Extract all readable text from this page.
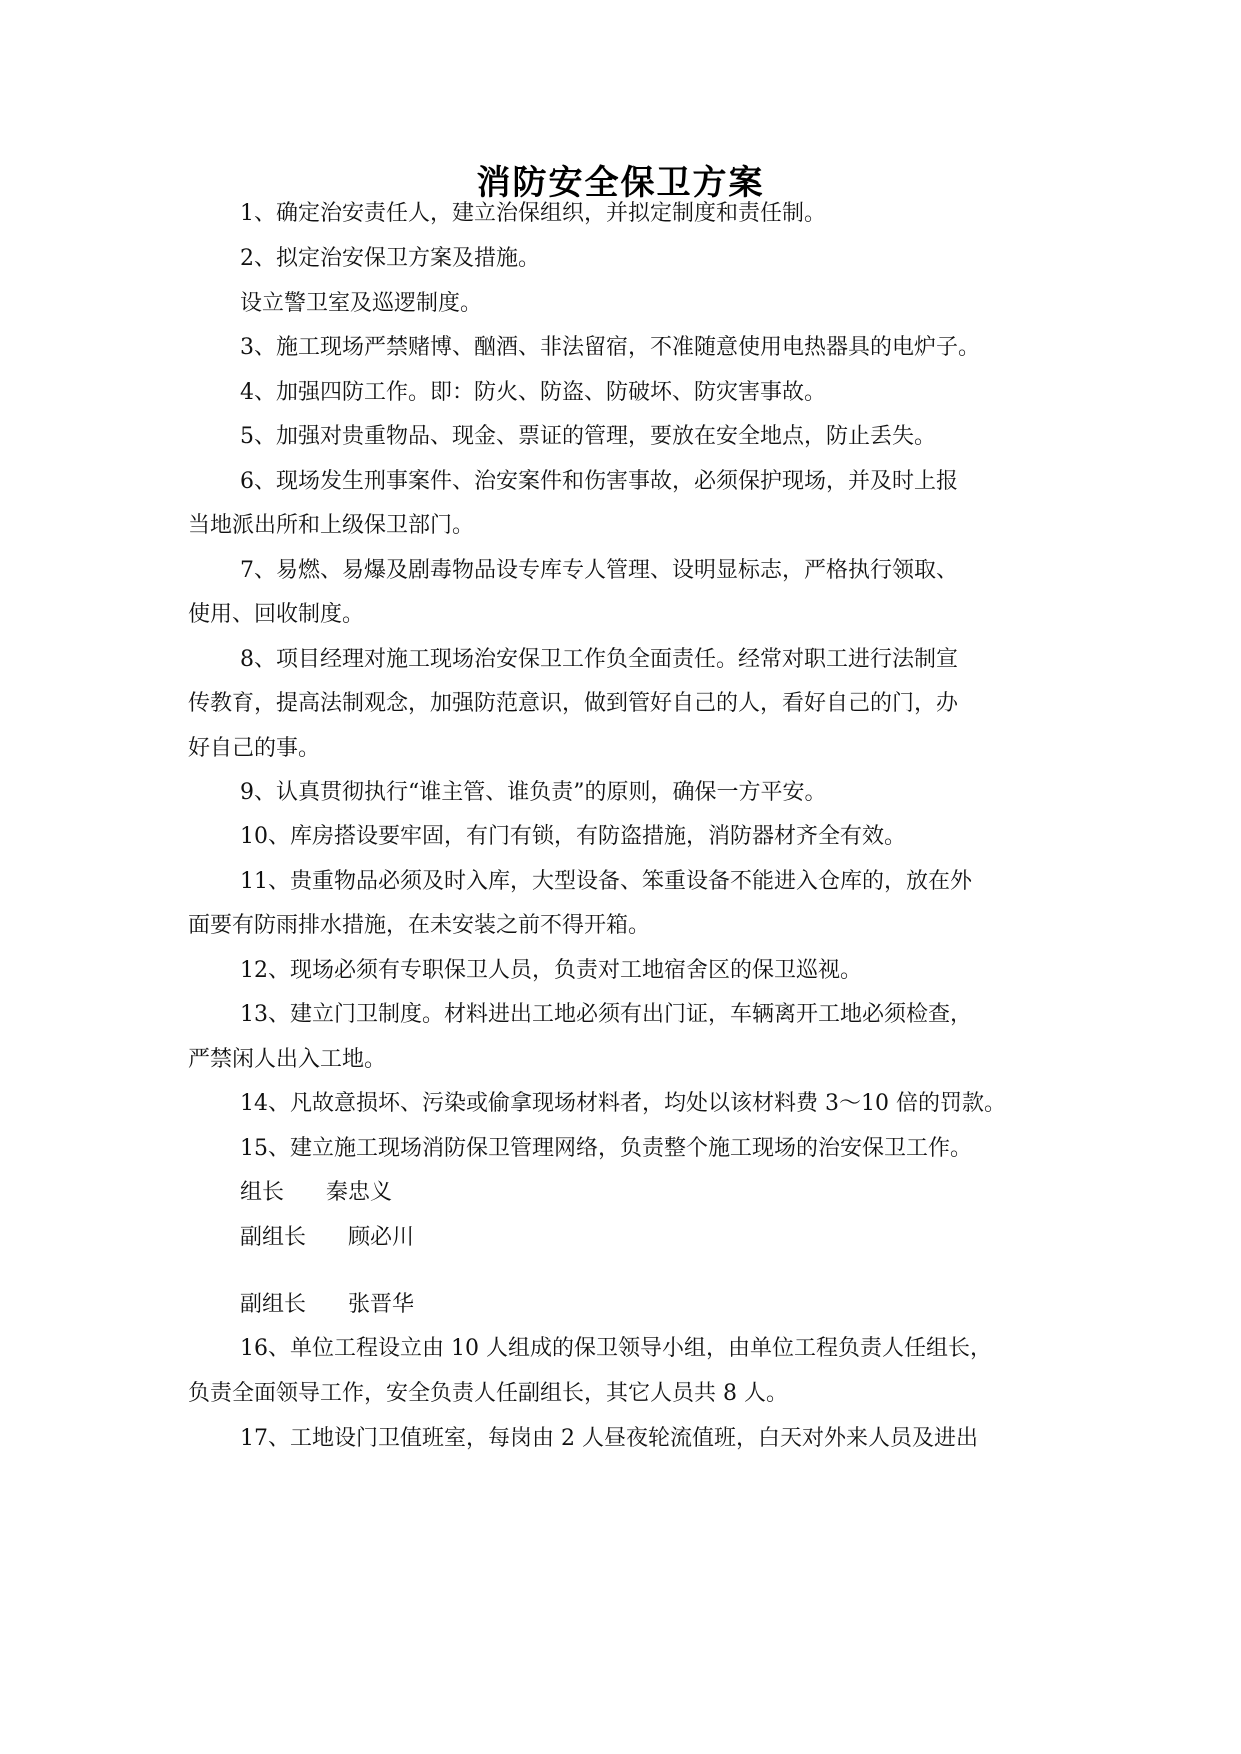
消防安全保卫方案
1、确定治安责任人，建立治保组织，并拟定制度和责任制。
2、拟定治安保卫方案及措施。
设立警卫室及巡逻制度。
3、施工现场严禁赌博、酗酒、非法留宿，不准随意使用电热器具的电炉子。
4、加强四防工作。即：防火、防盗、防破坏、防灾害事故。
5、加强对贵重物品、现金、票证的管理，要放在安全地点，防止丢失。
6、现场发生刑事案件、治安案件和伤害事故，必须保护现场，并及时上报
当地派出所和上级保卫部门。
7、易燃、易爆及剧毒物品设专库专人管理、设明显标志，严格执行领取、
使用、回收制度。
8、项目经理对施工现场治安保卫工作负全面责任。经常对职工进行法制宣
传教育，提高法制观念，加强防范意识，做到管好自己的人，看好自己的门，办
好自己的事。
9、认真贯彻执行“谁主管、谁负责”的原则，确保一方平安。
10、库房搭设要牢固，有门有锁，有防盗措施，消防器材齐全有效。
11、贵重物品必须及时入库，大型设备、笨重设备不能进入仓库的，放在外
面要有防雨排水措施，在未安装之前不得开箱。
12、现场必须有专职保卫人员，负责对工地宿舍区的保卫巡视。
13、建立门卫制度。材料进出工地必须有出门证，车辆离开工地必须检查，
严禁闲人出入工地。
14、凡故意损坏、污染或偷拿现场材料者，均处以该材料费 3～10 倍的罚款。
15、建立施工现场消防保卫管理网络，负责整个施工现场的治安保卫工作。
组长      秦忠义
副组长      顾必川
副组长      张晋华
16、单位工程设立由 10 人组成的保卫领导小组，由单位工程负责人任组长，
负责全面领导工作，安全负责人任副组长，其它人员共 8 人。
17、工地设门卫值班室，每岗由 2 人昼夜轮流值班，白天对外来人员及进出
